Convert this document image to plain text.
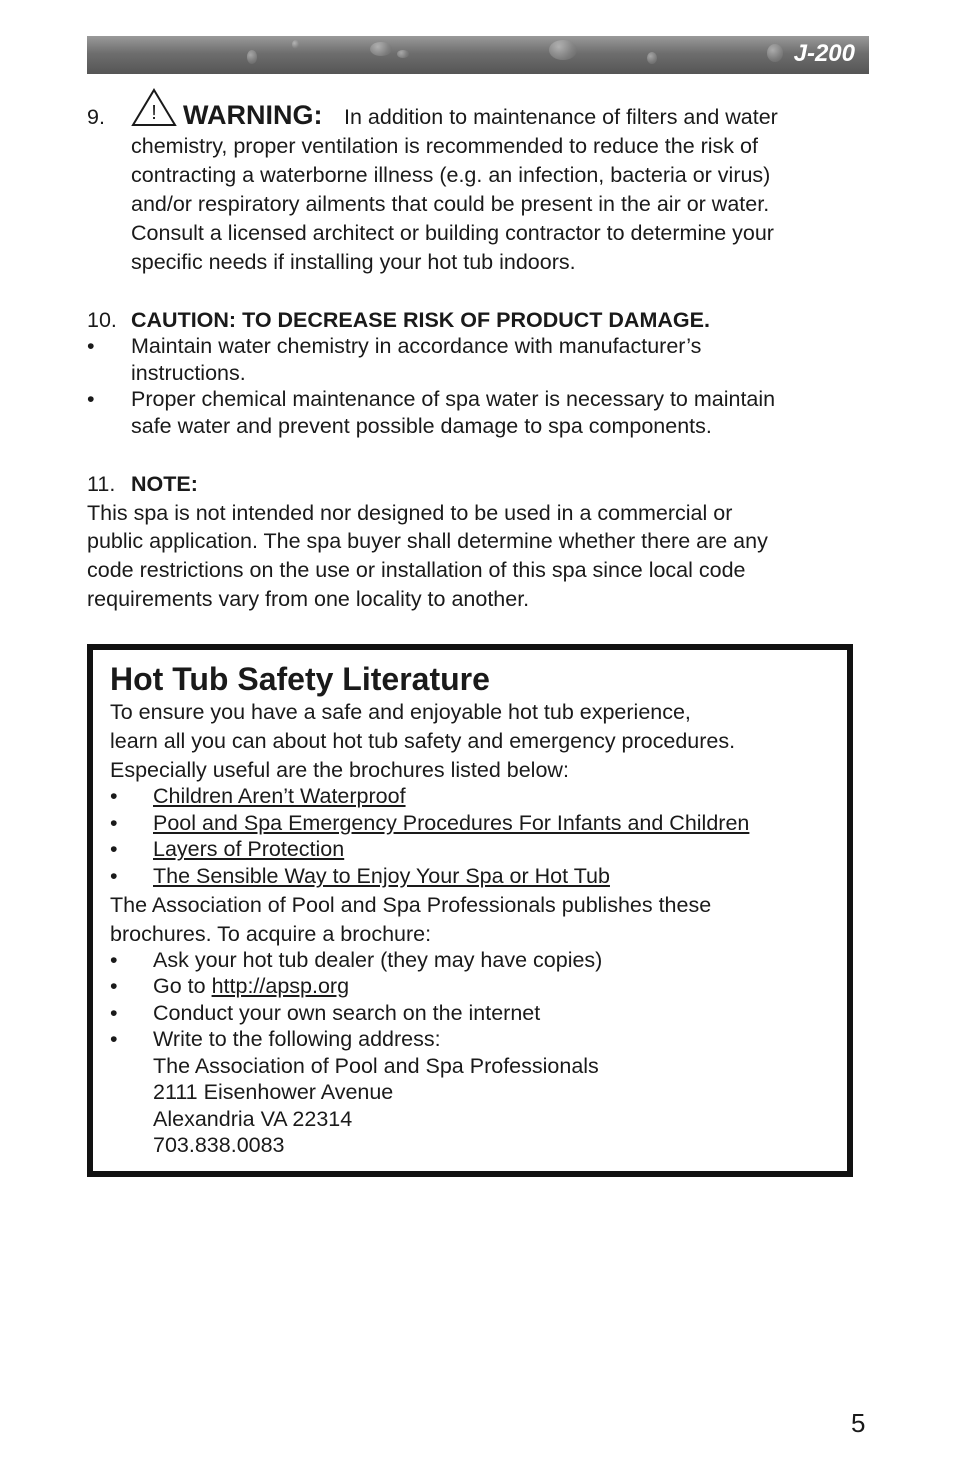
J-200
9. ! WARNING: In addition to maintenance of filters and water

chemistry, proper ventilation is recommended to reduce the risk of

contracting a waterborne illness (e.g. an infection, bacteria or virus)

and/or respiratory ailments that could be present in the air or water.

Consult a licensed architect or building contractor to determine your

specific needs if installing your hot tub indoors.

10. CAUTION: TO DECREASE RISK OF PRODUCT DAMAGE.
• Maintain water chemistry in accordance with manufacturer’s

instructions.

• Proper chemical maintenance of spa water is necessary to maintain

safe water and prevent possible damage to spa components.

11. NOTE:

This spa is not intended nor designed to be used in a commercial or

public application. The spa buyer shall determine whether there are any

code restrictions on the use or installation of this spa since local code

requirements vary from one locality to another.

Hot Tub Safety Literature

To ensure you have a safe and enjoyable hot tub experience,

learn all you can about hot tub safety and emergency procedures.

Especially useful are the brochures listed below:

• Children Aren’t Waterproof
• Pool and Spa Emergency Procedures For Infants and Children
• Layers of Protection
• The Sensible Way to Enjoy Your Spa or Hot Tub

The Association of Pool and Spa Professionals publishes these

brochures. To acquire a brochure:

• Ask your hot tub dealer (they may have copies)
• Go to http://apsp.org
• Conduct your own search on the internet
• Write to the following address:
The Association of Pool and Spa Professionals
2111 Eisenhower Avenue
Alexandria VA 22314
703.838.0083
5
